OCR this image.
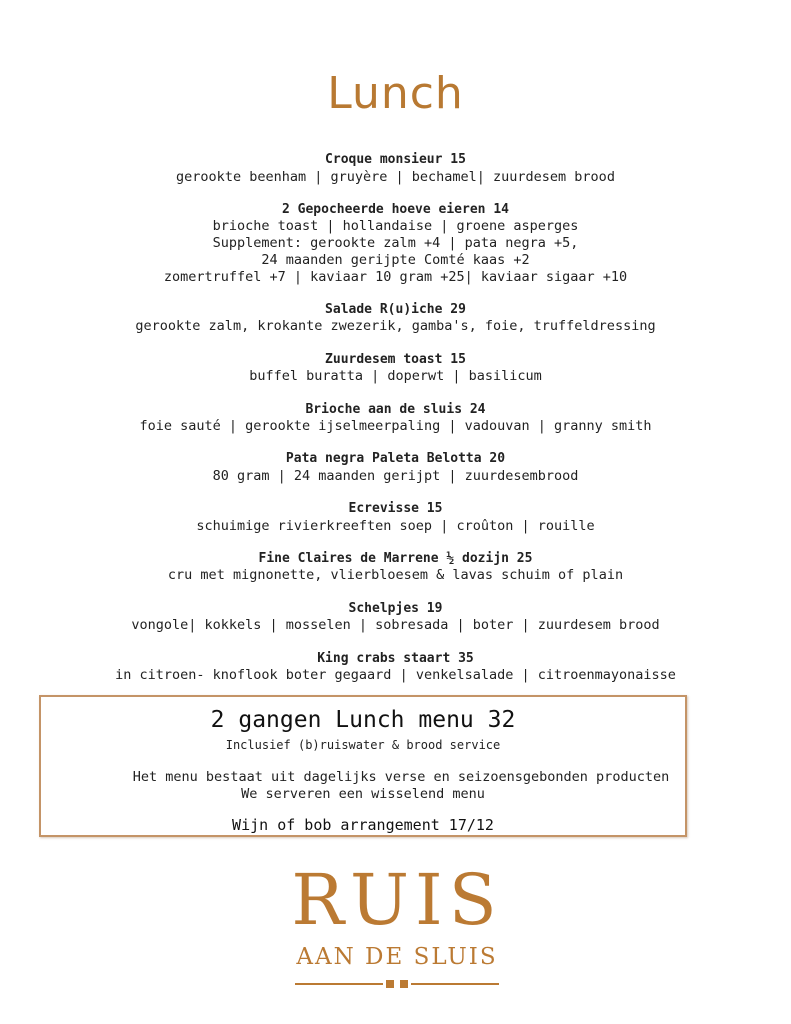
Lunch
Croque monsieur 15
gerookte beenham | gruyère | bechamel| zuurdesem brood
2 Gepocheerde hoeve eieren 14
brioche toast | hollandaise | groene asperges
Supplement: gerookte zalm +4 | pata negra +5,
24 maanden gerijpte Comté kaas +2
zomertruffel +7 | kaviaar 10 gram +25| kaviaar sigaar +10
Salade R(u)iche 29
gerookte zalm, krokante zwezerik, gamba's, foie, truffeldressing
Zuurdesem toast 15
buffel buratta | doperwt | basilicum
Brioche aan de sluis 24
foie sauté | gerookte ijselmeerpaling | vadouvan | granny smith
Pata negra Paleta Belotta 20
80 gram | 24 maanden gerijpt | zuurdesembrood
Ecrevisse 15
schuimige rivierkreeften soep | croûton | rouille
Fine Claires de Marrene ½ dozijn 25
cru met mignonette, vlierbloesem & lavas schuim of plain
Schelpjes 19
vongole| kokkels | mosselen | sobresada | boter | zuurdesem brood
King crabs staart 35
in citroen- knoflook boter gegaard | venkelsalade | citroenmayonaisse
2 gangen Lunch menu 32
Inclusief (b)ruiswater & brood service
Het menu bestaat uit dagelijks verse en seizoensgebonden producten
We serveren een wisselend menu
Wijn of bob arrangement 17/12
RUIS
AAN DE SLUIS
